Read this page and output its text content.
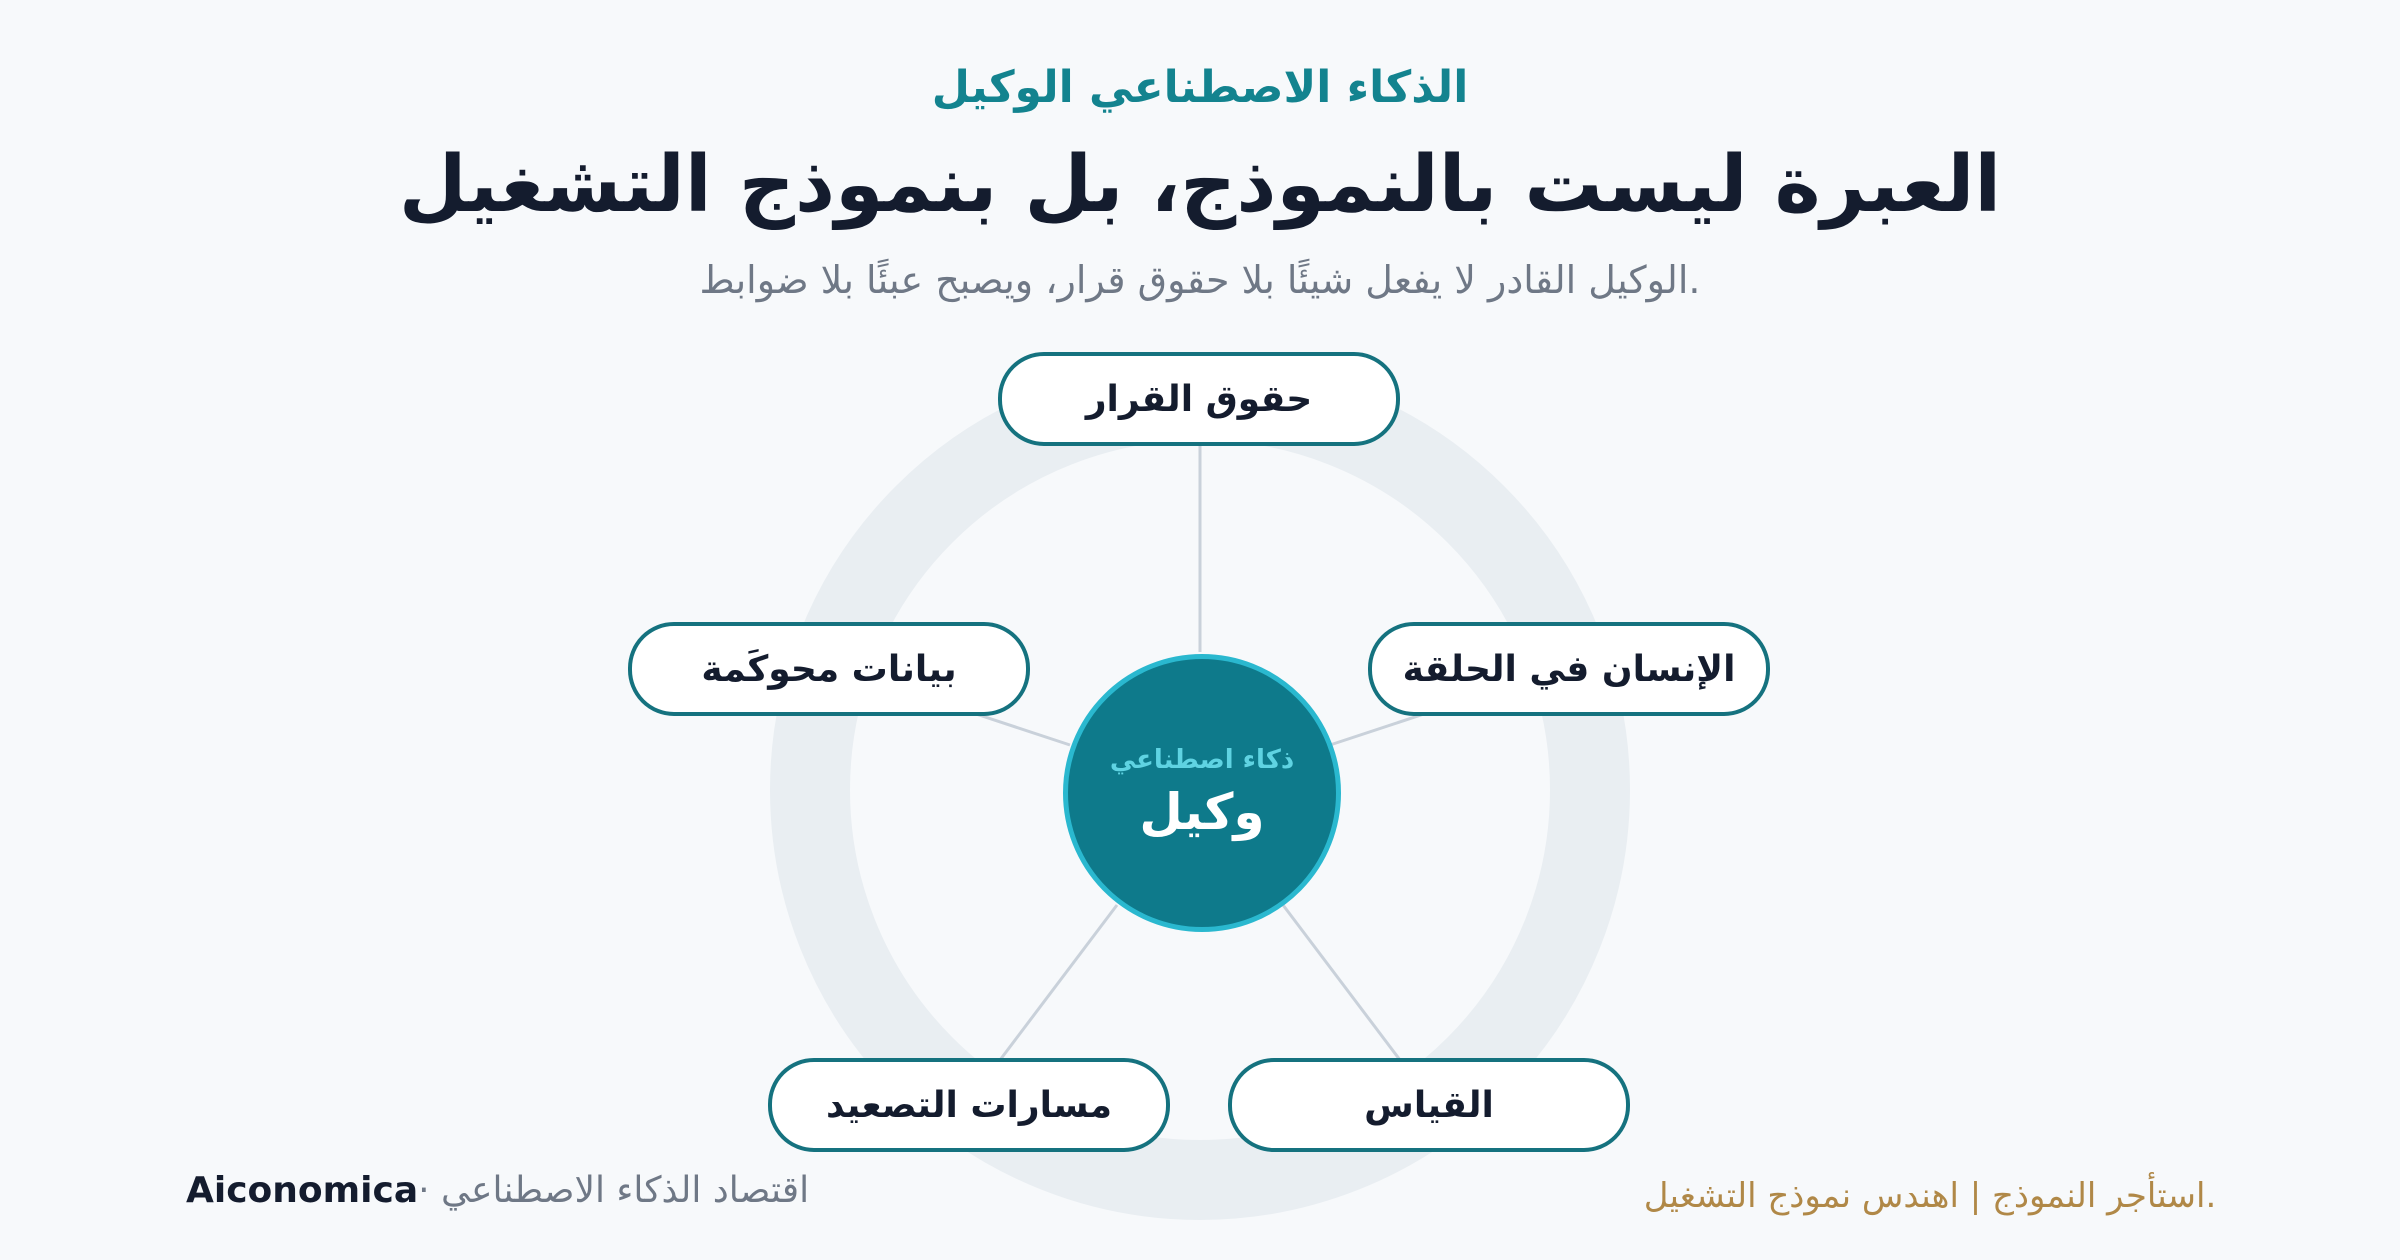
الذكاء الاصطناعي الوكيل
العبرة ليست بالنموذج، بل بنموذج التشغيل
.الوكيل القادر لا يفعل شيئًا بلا حقوق قرار، ويصبح عبئًا بلا ضوابط
حقوق القرار
الإنسان في الحلقة
القياس
مسارات التصعيد
بيانات محوكَمة
ذكاء اصطناعي
وكيل
Aiconomica· اقتصاد الذكاء الاصطناعي	.استأجر النموذج | اهندس نموذج التشغيل
